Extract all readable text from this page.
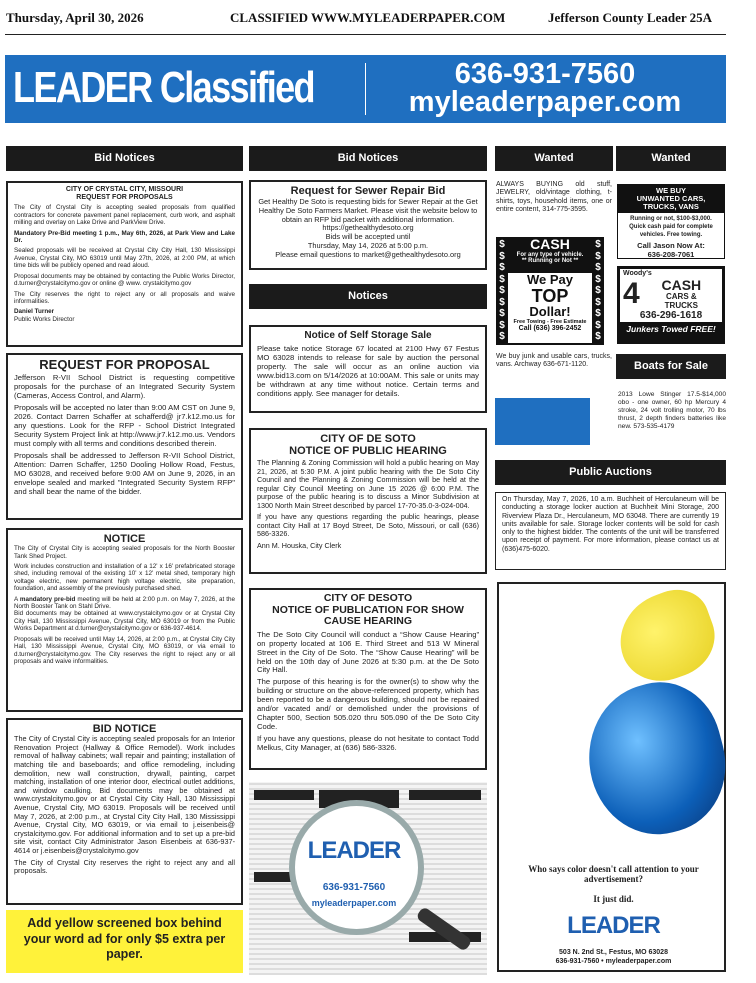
Thursday, April 30, 2026	CLASSIFIED WWW.MYLEADERPAPER.COM	Jefferson County Leader 25A
LEADER Classified	636-931-7560
myleaderpaper.com
Bid Notices
CITY OF CRYSTAL CITY, MISSOURI
REQUEST FOR PROPOSALS

The City of Crystal City is accepting sealed proposals from qualified contractors for concrete pavement panel replacement, curb work, and asphalt milling and overlay on Lake Drive and ParkView Drive.

Mandatory Pre-Bid meeting 1 p.m., May 6th, 2026, at Park View and Lake Dr.

Sealed proposals will be received at Crystal City City Hall, 130 Mississippi Avenue, Crystal City, MO 63019 until May 27th, 2026, at 2:00 PM, at which time bids will be publicly opened and read aloud.

Proposal documents may be obtained by contacting the Public Works Director, d.turner@crystalcitymo.gov or online @ www. crystalcitymo.gov

The City reserves the right to reject any or all proposals and waive informalities.

Daniel Turner
Public Works Director
REQUEST FOR PROPOSAL

Jefferson R-VII School District is requesting competitive proposals for the purchase of an Integrated Security System (Cameras, Access Control, and Alarm).

Proposals will be accepted no later than 9:00 AM CST on June 9, 2026. Contact Darren Schaffer at schafferd@ jr7.k12.mo.us for any questions. Look for the RFP - School District Integrated Security System Project link at http://www.jr7.k12.mo.us. Vendors must comply with all terms and conditions described therein.

Proposals shall be addressed to Jefferson R-VII School District, Attention: Darren Schaffer, 1250 Dooling Hollow Road, Festus, MO 63028, and received before 9:00 AM on June 9, 2026, in an envelope sealed and marked "Integrated Security System RFP" and shall bear the name of the bidder.

NOTICE

The City of Crystal City is accepting sealed proposals for the North Booster Tank Shed Project.

Work includes construction and installation of a 12' x 16' prefabricated storage shed, including removal of the existing 10' x 12' metal shed, temporary high voltage electric, new permanent high voltage electric, site preparation, foundation, and assembly of the previously purchased shed.

A mandatory pre-bid meeting will be held at 2:00 p.m. on May 7, 2026, at the North Booster Tank on Stahl Drive.

Bid documents may be obtained at www.crystalcitymo.gov or at Crystal City City Hall, 130 Mississippi Avenue, Crystal City, MO 63019 or from the Public Works Department at d.turner@crystalcitymo.gov or 636-937-4614.

Proposals will be received until May 14, 2026, at 2:00 p.m., at Crystal City City Hall, 130 Mississippi Avenue, Crystal City, MO 63019, or via email to d.turner@crystalcitymo.gov. The City reserves the right to reject any or all proposals and waive informalities.

BID NOTICE

The City of Crystal City is accepting sealed proposals for an Interior Renovation Project (Hallway & Office Remodel). Work includes removal of hallway cabinets; wall repair and painting; installation of matching tile and baseboards; and office remodeling, including demolition, new wall construction, drywall, painting, carpet matching, installation of one interior door, electrical outlet additions, and window caulking. Bid documents may be obtained at www.crystalcitymo.gov or at Crystal City City Hall, 130 Mississippi Avenue, Crystal City, MO 63019. Proposals will be received until May 7, 2026, at 2:00 p.m., at Crystal City City Hall, 130 Mississippi Avenue, Crystal City, MO 63019, or via email to j.eisenbeis@ crystalcitymo.gov. For additional information and to set up a pre-bid site visit, contact City Administrator Jason Eisenbeis at 636-937-4614 or j.eisenbeis@crystalcitymo.gov

The City of Crystal City reserves the right to reject any and all proposals.

Add yellow screened box behind your word ad for only $5 extra per paper.
Bid Notices
Request for Sewer Repair Bid
Get Healthy De Soto is requesting bids for Sewer Repair at the Get Healthy De Soto Farmers Market. Please visit the website below to obtain an RFP bid packet with additional information. https://gethealthydesoto.org
Bids will be accepted until
Thursday, May 14, 2026 at 5:00 p.m.
Please email questions to market@gethealthydesoto.org
Notices
Notice of Self Storage Sale
Please take notice Storage 67 located at 2100 Hwy 67 Festus MO 63028 intends to release for sale by auction the personal property. The sale will occur as an online auction via www.bid13.com on 5/14/2026 at 10:00AM. This sale or units may be withdrawn at any time without notice. Certain terms and conditions apply. See manager for details.
CITY OF DE SOTO
NOTICE OF PUBLIC HEARING

The Planning & Zoning Commission will hold a public hearing on May 21, 2026, at 5:30 P.M. A joint public hearing with the De Soto City Council and the Planning & Zoning Commission will be held at the regular City Council Meeting on June 15 2026 @ 6:00 P.M. The purpose of the public hearing is to discuss a Minor Subdivision at 1300 North Main Street described by parcel 17-70-35.0-3-024-004.

If you have any questions regarding the public hearings, please contact City Hall at 17 Boyd Street, De Soto, Missouri, or call (636) 586-3326.

Ann M. Houska, City Clerk

CITY OF DESOTO
NOTICE OF PUBLICATION FOR SHOW CAUSE HEARING

The De Soto City Council will conduct a “Show Cause Hearing” on property located at 106 E. Third Street and 513 W Mineral Street in the City of De Soto. The “Show Cause Hearing” will be held on the 10th day of June 2026 at 5:30 p.m. at the De Soto City Hall.

The purpose of this hearing is for the owner(s) to show why the building or structure on the above-referenced property, which has been reported to be a dangerous building, should not be repaired and/or vacated and/ or demolished under the provisions of Chapter 500, Section 505.020 thru 505.090 of the De Soto City Code.

If you have any questions, please do not hesitate to contact Todd Melkus, City Manager, at (636) 586-3326.

LEADER
636-931-7560
myleaderpaper.com
Wanted
ALWAYS BUYING old stuff, JEWELRY, old/vintage clothing, t-shirts, toys, household items, one or entire content, 314-775-3595.
$
$
$
$
$
$
$
$
$
$
$
$
$
$
$
$
$
$
CASH
For any type of vehicle.
** Running or Not **
We Pay
TOP
Dollar!
Free Towing - Free Estimate
Call (636) 396-2452
We buy junk and usable cars, trucks, vans. Archway 636-671-1120.
Wanted
WE BUY
UNWANTED CARS, TRUCKS, VANS
Running or not, $100-$3,000. Quick cash paid for complete vehicles. Free towing.
Call Jason Now At:
636-208-7061
Woody's
4 CASH
CARS &
TRUCKS
636-296-1618
Junkers Towed FREE!
Boats for Sale
2013 Lowe Stinger 17.5-$14,000 obo - one owner, 60 hp Mercury 4 stroke, 24 volt trolling motor, 70 lbs thrust, 2 depth finders batteries like new. 573-535-4179
Public Auctions
On Thursday, May 7, 2026, 10 a.m. Buchheit of Herculaneum will be conducting a storage locker auction at Buchheit Mini Storage, 200 Riverview Plaza Dr., Herculaneum, MO 63048. There are currently 19 units available for sale. Storage locker contents will be sold for cash only to the highest bidder. The contents of the unit will be transferred upon receipt of payment. For more information, please contact us at (636)475-6020.
Who says color doesn't call attention to your advertisement?
It just did.
LEADER
503 N. 2nd St., Festus, MO 63028
636-931-7560 • myleaderpaper.com
